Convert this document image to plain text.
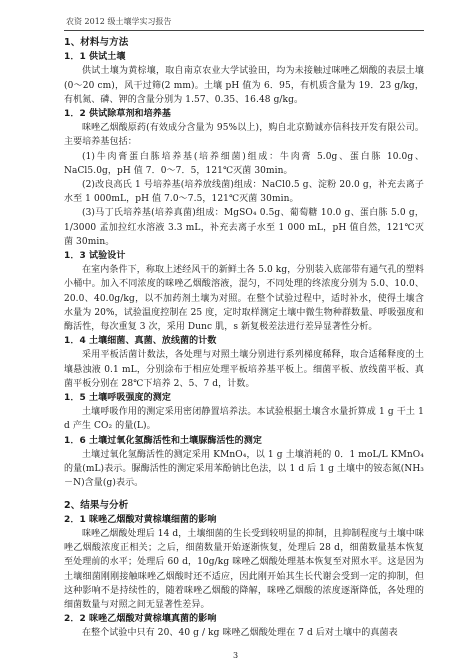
农资 2012 级土壤学实习报告

1、材料与方法

1．1 供试土壤

供试土壤为黄棕壤，取自南京农业大学试验田，均为未接触过咪唑乙烟酸的表层土壤(0～20 cm)，风干过筛(2 mm)。土壤 pH 值为 6．95，有机质含量为 19．23 g/kg，有机氮、磷、钾的含量分别为 1.57、0.35、16.48 g/kg。

1．2 供试除草剂和培养基

咪唑乙烟酸原药(有效成分含量为 95%以上)，购自北京勤诚亦信科技开发有限公司。主要培养基包括：

(1)牛肉膏蛋白胨培养基(培养细菌)组成：牛肉膏 5.0g、蛋白胨 10.0g、NaCl5.0g，pH 值 7．0～7．5，121℃灭菌 30min。

(2)改良高氏 1 号培养基(培养放线菌)组成：NaCl0.5 g、淀粉 20.0 g，补充去离子水至 1 000mL，pH 值 7.0～7.5，121℃灭菌 30min。

(3)马丁氏培养基(培养真菌)组成：MgSO₄ 0.5g、葡萄糖 10.0 g、蛋白胨 5.0 g，1/3000 孟加拉红水溶液 3.3 mL，补充去离子水至 1 000 mL，pH 值自然，121℃灭菌 30min。

1．3 试验设计

在室内条件下，称取上述经风干的新鲜土各 5.0 kg，分别装入底部带有通气孔的塑料小桶中。加入不同浓度的咪唑乙烟酸溶液，混匀，不同处理的终浓度分别为 5.0、10.0、20.0、40.0g/kg，以不加药剂土壤为对照。在整个试验过程中，适时补水，使得土壤含水量为 20%，试验温度控制在 25 度，定时取样测定土壤中微生物种群数量、呼吸强度和酶活性，每次重复 3 次，采用 Dunc 肌，s 新复极差法进行差异显著性分析。

1．4 土壤细菌、真菌、放线菌的计数

采用平板活菌计数法，各处理与对照土壤分别进行系列梯度稀释，取合适稀释度的土壤悬浊液 0.1 mL，分别涂布于相应处理平板培养基平板上。细菌平板、放线菌平板、真菌平板分别在 28℃下培养 2、5、7 d，计数。

1．5 土壤呼吸强度的测定

土壤呼吸作用的测定采用密闭静置培养法。本试验根据土壤含水量折算成 1 g 干土 1 d 产生 CO₂ 的量(L)。

1．6 土壤过氧化氢酶活性和土壤脲酶活性的测定

土壤过氧化氢酶活性的测定采用 KMnO₄，以 1 g 土壤消耗的 0．1 moL/L KMnO₄ 的量(mL)表示。脲酶活性的测定采用苯酚钠比色法，以 1 d 后 1 g 土壤中的铵态氮(NH₃－N)含量(g)表示。

2、结果与分析

2．1 咪唑乙烟酸对黄棕壤细菌的影响

咪唑乙烟酸处理后 14 d，土壤细菌的生长受到较明显的抑制，且抑制程度与土壤中咪唑乙烟酸浓度正相关；之后，细菌数量开始逐渐恢复，处理后 28 d，细菌数量基本恢复至处理前的水平；处理后 60 d，10g/kg 咪唑乙烟酸处理基本恢复至对照水平。这是因为土壤细菌刚刚接触咪唑乙烟酸时还不适应，因此刚开始其生长代谢会受到一定的抑制，但这种影响不是持续性的，随着咪唑乙烟酸的降解，咪唑乙烟酸的浓度逐渐降低，各处理的细菌数量与对照之间无显著性差异。

2．2 咪唑乙烟酸对黄棕壤真菌的影响

在整个试验中只有 20、40 g / kg 咪唑乙烟酸处理在 7 d 后对土壤中的真菌表

3
